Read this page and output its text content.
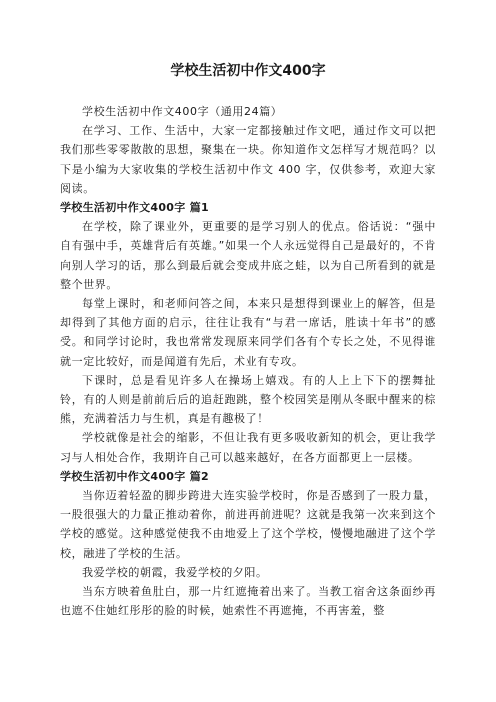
学校生活初中作文400字

学校生活初中作文400字（通用24篇）

在学习、工作、生活中，大家一定都接触过作文吧，通过作文可以把我们那些零零散散的思想，聚集在一块。你知道作文怎样写才规范吗？以下是小编为大家收集的学校生活初中作文 400 字，仅供参考，欢迎大家阅读。

学校生活初中作文400字 篇1

在学校，除了课业外，更重要的是学习别人的优点。俗话说：“强中自有强中手，英雄背后有英雄。”如果一个人永远觉得自己是最好的，不肯向别人学习的话，那么到最后就会变成井底之蛙，以为自己所看到的就是整个世界。

每堂上课时，和老师问答之间，本来只是想得到课业上的解答，但是却得到了其他方面的启示，往往让我有“与君一席话，胜读十年书”的感受。和同学讨论时，我也常常发现原来同学们各有个专长之处，不见得谁就一定比较好，而是闻道有先后，术业有专攻。

下课时，总是看见许多人在操场上嬉戏。有的人上上下下的摆舞扯铃，有的人则是前前后后的追赶跑跳，整个校园笑是刚从冬眠中醒来的棕熊，充满着活力与生机，真是有趣极了！

学校就像是社会的缩影，不但让我有更多吸收新知的机会，更让我学习与人相处合作，我期许自己可以越来越好，在各方面都更上一层楼。

学校生活初中作文400字 篇2

当你迈着轻盈的脚步跨进大连实验学校时，你是否感到了一股力量，一股很强大的力量正推动着你，前进再前进呢？这就是我第一次来到这个学校的感觉。这种感觉使我不由地爱上了这个学校，慢慢地融进了这个学校，融进了学校的生活。

我爱学校的朝霞，我爱学校的夕阳。

当东方映着鱼肚白，那一片红遮掩着出来了。当教工宿舍这条面纱再也遮不住她红彤彤的脸的时候，她索性不再遮掩，不再害羞，整
